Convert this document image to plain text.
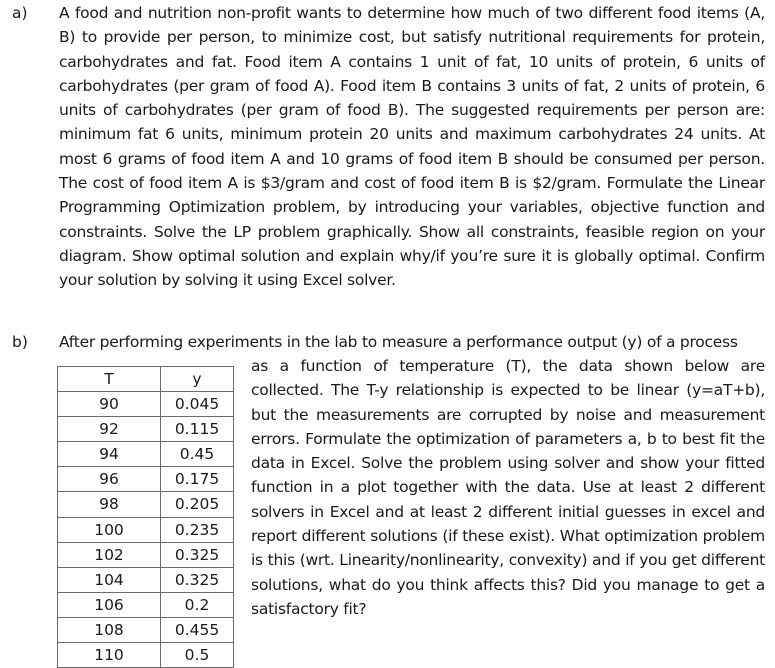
a) A food and nutrition non-profit wants to determine how much of two different food items (A, B) to provide per person, to minimize cost, but satisfy nutritional requirements for protein, carbohydrates and fat. Food item A contains 1 unit of fat, 10 units of protein, 6 units of carbohydrates (per gram of food A). Food item B contains 3 units of fat, 2 units of protein, 6 units of carbohydrates (per gram of food B). The suggested requirements per person are: minimum fat 6 units, minimum protein 20 units and maximum carbohydrates 24 units. At most 6 grams of food item A and 10 grams of food item B should be consumed per person. The cost of food item A is $3/gram and cost of food item B is $2/gram. Formulate the Linear Programming Optimization problem, by introducing your variables, objective function and constraints. Solve the LP problem graphically. Show all constraints, feasible region on your diagram. Show optimal solution and explain why/if you’re sure it is globally optimal. Confirm your solution by solving it using Excel solver.
b) After performing experiments in the lab to measure a performance output (y) of a process
T	y
90	0.045
92	0.115
94	0.45
96	0.175
98	0.205
100	0.235
102	0.325
104	0.325
106	0.2
108	0.455
110	0.5
as a function of temperature (T), the data shown below are collected. The T-y relationship is expected to be linear (y=aT+b), but the measurements are corrupted by noise and measurement errors. Formulate the optimization of parameters a, b to best fit the data in Excel. Solve the problem using solver and show your fitted function in a plot together with the data. Use at least 2 different solvers in Excel and at least 2 different initial guesses in excel and report different solutions (if these exist). What optimization problem is this (wrt. Linearity/nonlinearity, convexity) and if you get different solutions, what do you think affects this? Did you manage to get a satisfactory fit?
